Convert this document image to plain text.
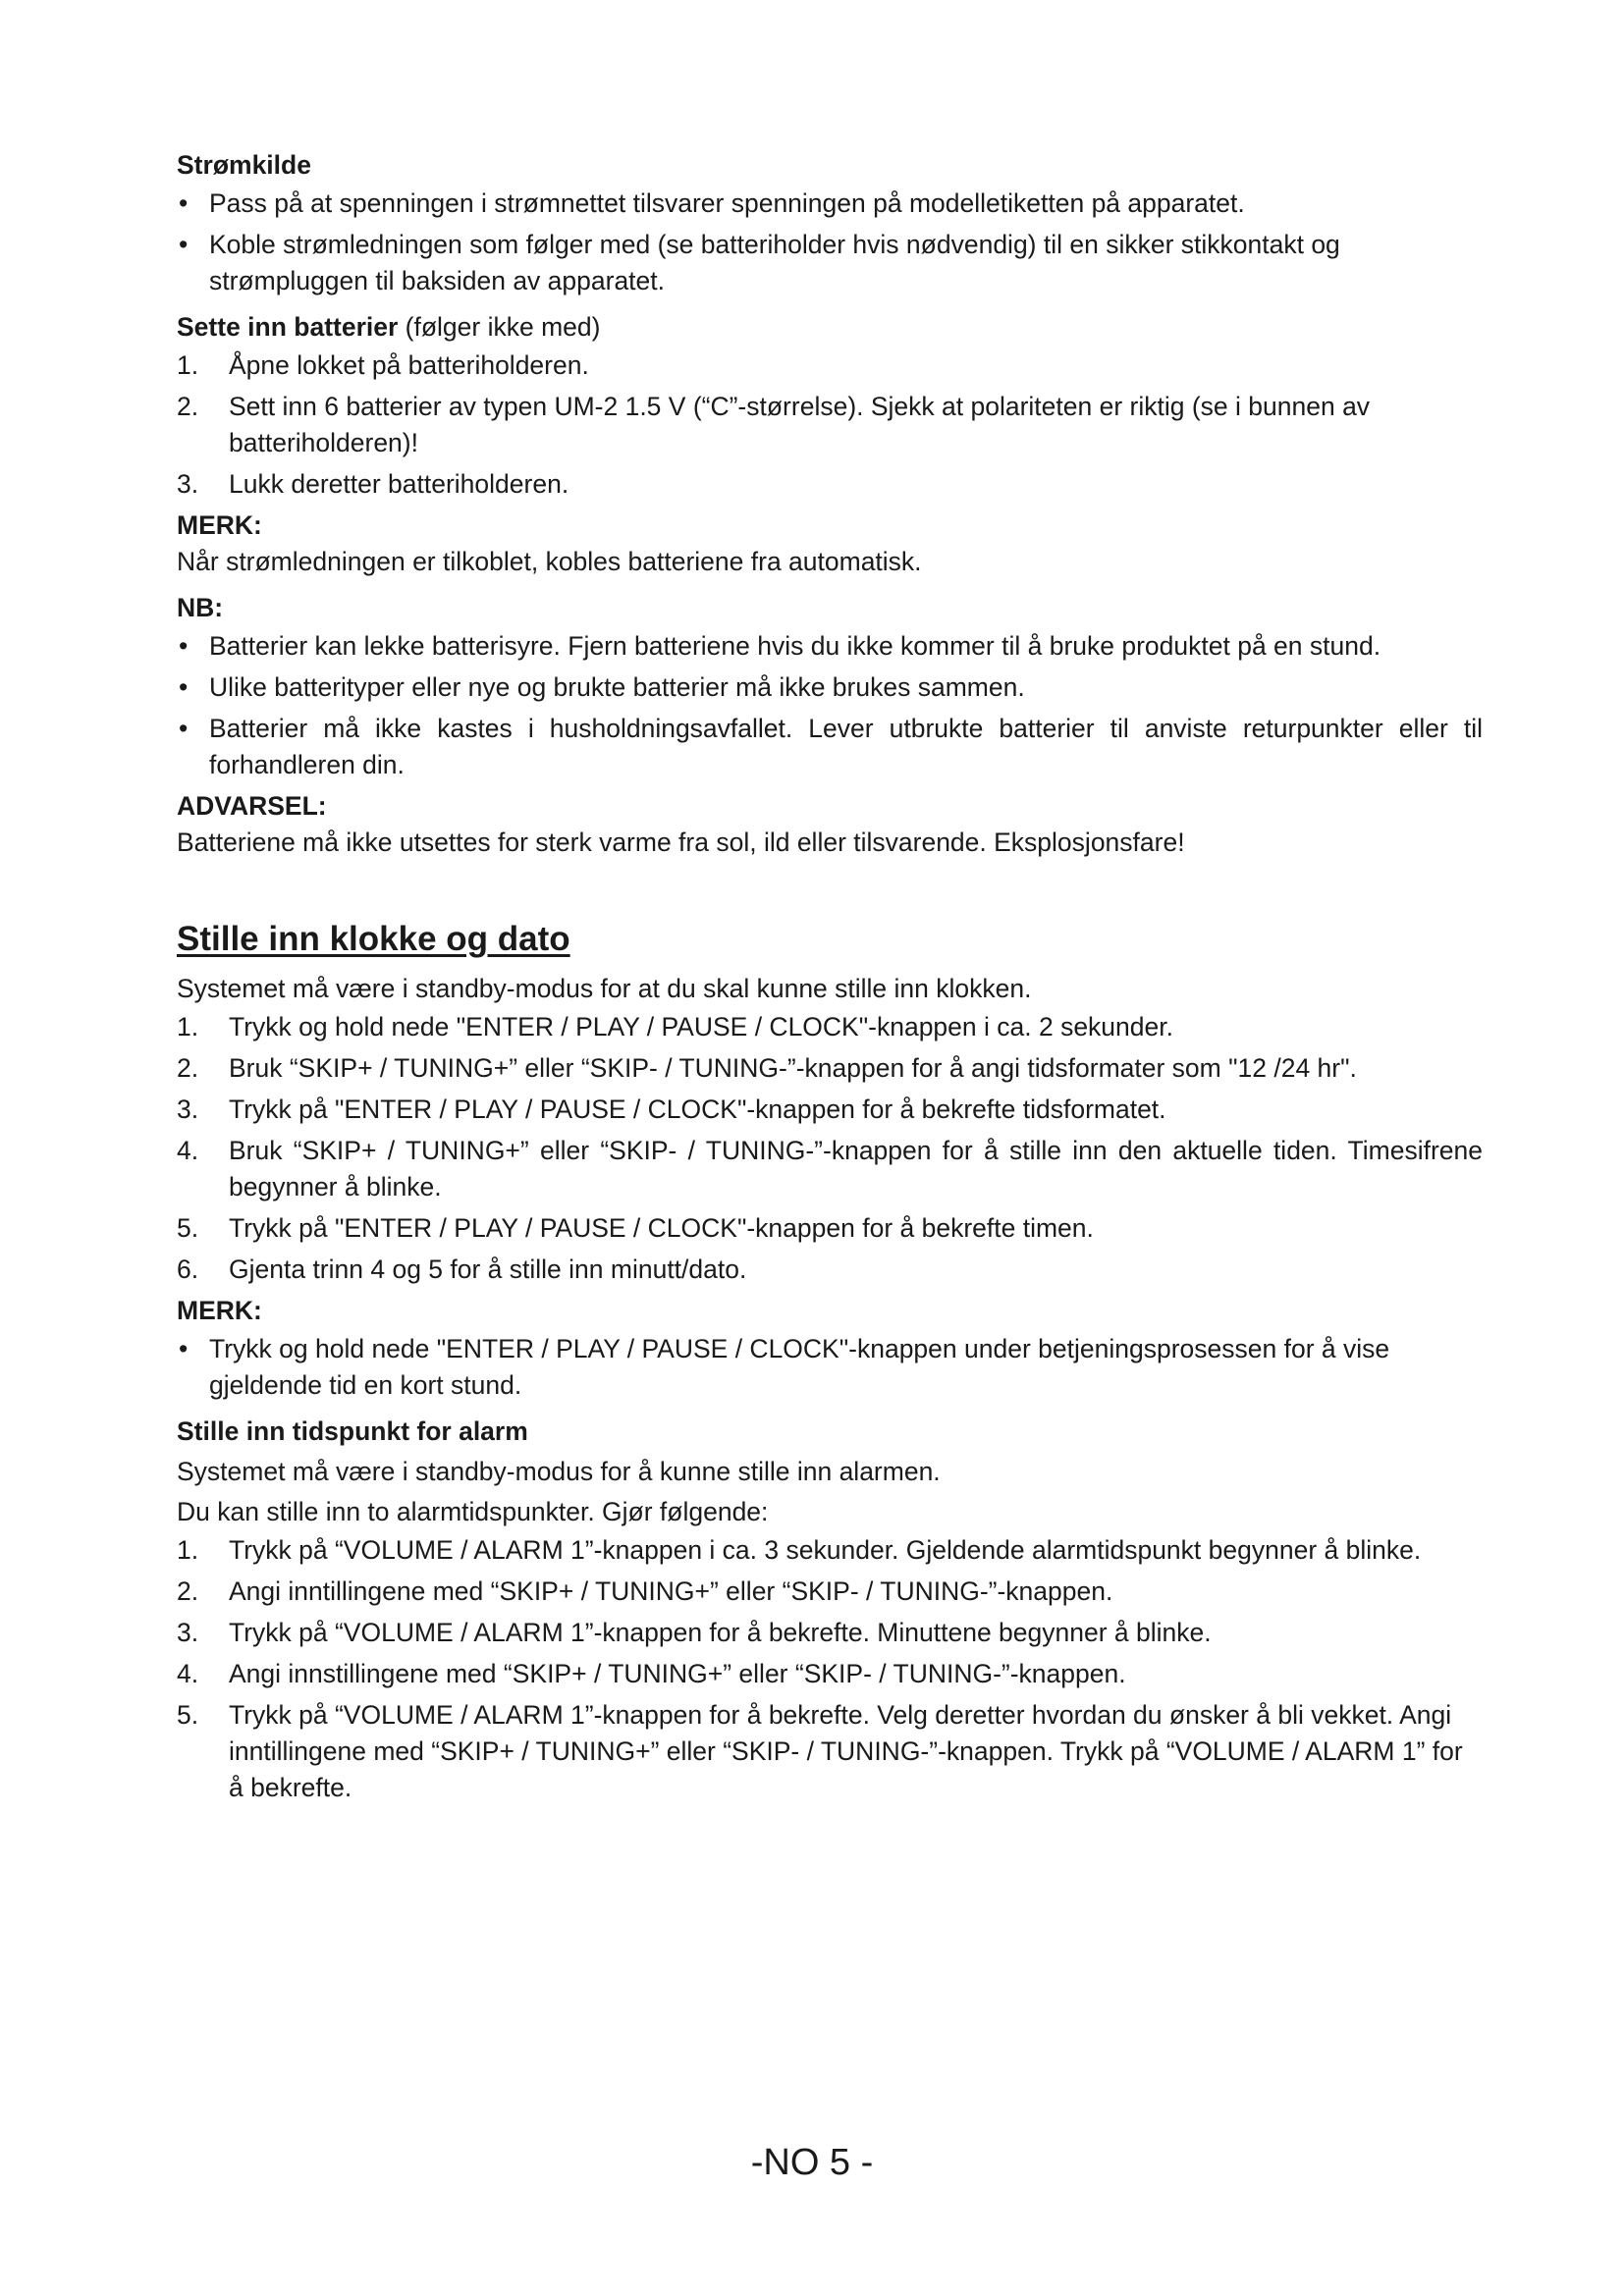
Strømkilde

• Pass på at spenningen i strømnettet tilsvarer spenningen på modelletiketten på apparatet.
• Koble strømledningen som følger med (se batteriholder hvis nødvendig) til en sikker stikkontakt og strømpluggen til baksiden av apparatet.

Sette inn batterier (følger ikke med)

1.	Åpne lokket på batteriholderen.
2.	Sett inn 6 batterier av typen UM-2 1.5 V (“C”-størrelse). Sjekk at polariteten er riktig (se i bunnen av batteriholderen)!
3.	Lukk deretter batteriholderen.

MERK:

Når strømledningen er tilkoblet, kobles batteriene fra automatisk.

NB:

• Batterier kan lekke batterisyre. Fjern batteriene hvis du ikke kommer til å bruke produktet på en stund.
• Ulike batterityper eller nye og brukte batterier må ikke brukes sammen.
• Batterier må ikke kastes i husholdningsavfallet. Lever utbrukte batterier til anviste returpunkter eller til forhandleren din.

ADVARSEL:

Batteriene må ikke utsettes for sterk varme fra sol, ild eller tilsvarende. Eksplosjonsfare!

Stille inn klokke og dato

Systemet må være i standby-modus for at du skal kunne stille inn klokken.

1.	Trykk og hold nede "ENTER / PLAY / PAUSE / CLOCK"-knappen i ca. 2 sekunder.
2.	Bruk “SKIP+ / TUNING+” eller “SKIP- / TUNING-”-knappen for å angi tidsformater som "12 /24 hr".
3.	Trykk på "ENTER / PLAY / PAUSE / CLOCK"-knappen for å bekrefte tidsformatet.
4.	Bruk “SKIP+ / TUNING+” eller “SKIP- / TUNING-”-knappen for å stille inn den aktuelle tiden. Timesifrene begynner å blinke.
5.	Trykk på "ENTER / PLAY / PAUSE / CLOCK"-knappen for å bekrefte timen.
6.	Gjenta trinn 4 og 5 for å stille inn minutt/dato.

MERK:

• Trykk og hold nede "ENTER / PLAY / PAUSE / CLOCK"-knappen under betjeningsprosessen for å vise gjeldende tid en kort stund.

Stille inn tidspunkt for alarm

Systemet må være i standby-modus for å kunne stille inn alarmen.

Du kan stille inn to alarmtidspunkter. Gjør følgende:

1.	Trykk på “VOLUME / ALARM 1”-knappen i ca. 3 sekunder. Gjeldende alarmtidspunkt begynner å blinke.
2.	Angi inntillingene med “SKIP+ / TUNING+” eller “SKIP- / TUNING-”-knappen.
3.	Trykk på “VOLUME / ALARM 1”-knappen for å bekrefte. Minuttene begynner å blinke.
4.	Angi innstillingene med “SKIP+ / TUNING+” eller “SKIP- / TUNING-”-knappen.
5.	Trykk på “VOLUME / ALARM 1”-knappen for å bekrefte. Velg deretter hvordan du ønsker å bli vekket. Angi inntillingene med “SKIP+ / TUNING+” eller “SKIP- / TUNING-”-knappen. Trykk på “VOLUME / ALARM 1” for å bekrefte.
-NO 5 -
